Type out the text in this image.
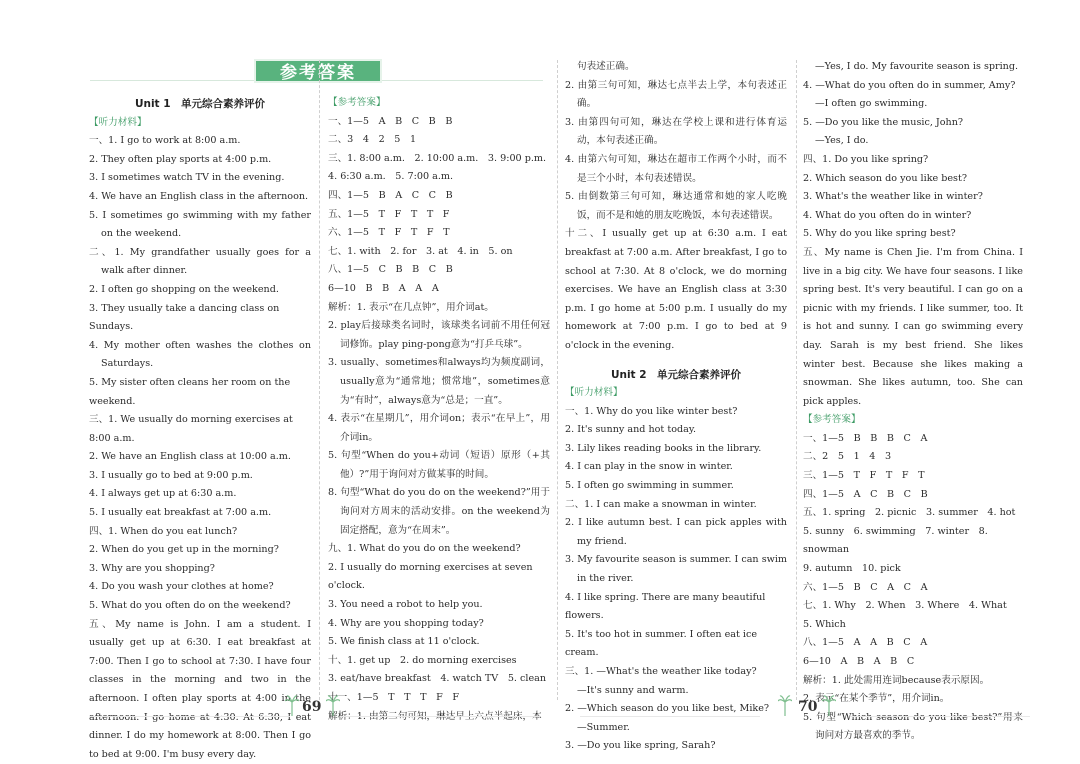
参考答案

Unit 1　单元综合素养评价

【听力材料】

一、1. I go to work at 8:00 a.m.

2. They often play sports at 4:00 p.m.

3. I sometimes watch TV in the evening.

4. We have an English class in the afternoon.

5. I sometimes go swimming with my father on the weekend.

二、1. My grandfather usually goes for a walk after dinner.

2. I often go shopping on the weekend.

3. They usually take a dancing class on Sundays.

4. My mother often washes the clothes on Saturdays.

5. My sister often cleans her room on the weekend.

三、1. We usually do morning exercises at 8:00 a.m.

2. We have an English class at 10:00 a.m.

3. I usually go to bed at 9:00 p.m.

4. I always get up at 6:30 a.m.

5. I usually eat breakfast at 7:00 a.m.

四、1. When do you eat lunch?

2. When do you get up in the morning?

3. Why are you shopping?

4. Do you wash your clothes at home?

5. What do you often do on the weekend?

五、My name is John. I am a student. I usually get up at 6:30. I eat breakfast at 7:00. Then I go to school at 7:30. I have four classes in the morning and two in the afternoon. I often play sports at 4:00 in the afternoon. I go home at 4:30. At 6:30, I eat dinner. I do my homework at 8:00. Then I go to bed at 9:00. I'm busy every day.

【参考答案】

一、1—5　A　B　C　B　B

二、3　4　2　5　1

三、1. 8:00 a.m.　2. 10:00 a.m.　3. 9:00 p.m.

4. 6:30 a.m.　5. 7:00 a.m.

四、1—5　B　A　C　C　B

五、1—5　T　F　T　T　F

六、1—5　T　F　T　F　T

七、1. with　2. for　3. at　4. in　5. on

八、1—5　C　B　B　C　B

6—10　B　B　A　A　A

解析：1. 表示“在几点钟”，用介词at。

2. play后接球类名词时，该球类名词前不用任何冠词修饰。play ping-pong意为“打乒乓球”。

3. usually、sometimes和always均为频度副词，usually意为“通常地；惯常地”，sometimes意为“有时”，always意为“总是；一直”。

4. 表示“在星期几”，用介词on；表示“在早上”，用介词in。

5. 句型“When do you+动词（短语）原形（+其他）?”用于询问对方做某事的时间。

8. 句型“What do you do on the weekend?”用于询问对方周末的活动安排。on the weekend为固定搭配，意为“在周末”。

九、1. What do you do on the weekend?

2. I usually do morning exercises at seven o'clock.

3. You need a robot to help you.

4. Why are you shopping today?

5. We finish class at 11 o'clock.

十、1. get up　2. do morning exercises

3. eat/have breakfast　4. watch TV　5. clean

十一、1—5　T　T　T　F　F

解析：1. 由第二句可知，琳达早上六点半起床，本

句表述正确。

2. 由第三句可知，琳达七点半去上学，本句表述正确。

3. 由第四句可知，琳达在学校上课和进行体育运动，本句表述正确。

4. 由第六句可知，琳达在超市工作两个小时，而不是三个小时，本句表述错误。

5. 由倒数第三句可知，琳达通常和她的家人吃晚饭，而不是和她的朋友吃晚饭，本句表述错误。

十二、I usually get up at 6:30 a.m. I eat breakfast at 7:00 a.m. After breakfast, I go to school at 7:30. At 8 o'clock, we do morning exercises. We have an English class at 3:30 p.m. I go home at 5:00 p.m. I usually do my homework at 7:00 p.m. I go to bed at 9 o'clock in the evening.

Unit 2　单元综合素养评价

【听力材料】

一、1. Why do you like winter best?

2. It's sunny and hot today.

3. Lily likes reading books in the library.

4. I can play in the snow in winter.

5. I often go swimming in summer.

二、1. I can make a snowman in winter.

2. I like autumn best. I can pick apples with my friend.

3. My favourite season is summer. I can swim in the river.

4. I like spring. There are many beautiful flowers.

5. It's too hot in summer. I often eat ice cream.

三、1. —What's the weather like today?

—It's sunny and warm.

2. —Which season do you like best, Mike?

—Summer.

3. —Do you like spring, Sarah?

—Yes, I do. My favourite season is spring.

4. —What do you often do in summer, Amy?

—I often go swimming.

5. —Do you like the music, John?

—Yes, I do.

四、1. Do you like spring?

2. Which season do you like best?

3. What's the weather like in winter?

4. What do you often do in winter?

5. Why do you like spring best?

五、My name is Chen Jie. I'm from China. I live in a big city. We have four seasons. I like spring best. It's very beautiful. I can go on a picnic with my friends. I like summer, too. It is hot and sunny. I can go swimming every day. Sarah is my best friend. She likes winter best. Because she likes making a snowman. She likes autumn, too. She can pick apples.

【参考答案】

一、1—5　B　B　B　C　A

二、2　5　1　4　3

三、1—5　T　F　T　F　T

四、1—5　A　C　B　C　B

五、1. spring　2. picnic　3. summer　4. hot

5. sunny　6. swimming　7. winter　8. snowman

9. autumn　10. pick

六、1—5　B　C　A　C　A

七、1. Why　2. When　3. Where　4. What

5. Which

八、1—5　A　A　B　C　A

6—10　A　B　A　B　C

解析：1. 此处需用连词because表示原因。

2. 表示“在某个季节”，用介词in。

5. 句型“Which season do you like best?”用来询问对方最喜欢的季节。

69	70
